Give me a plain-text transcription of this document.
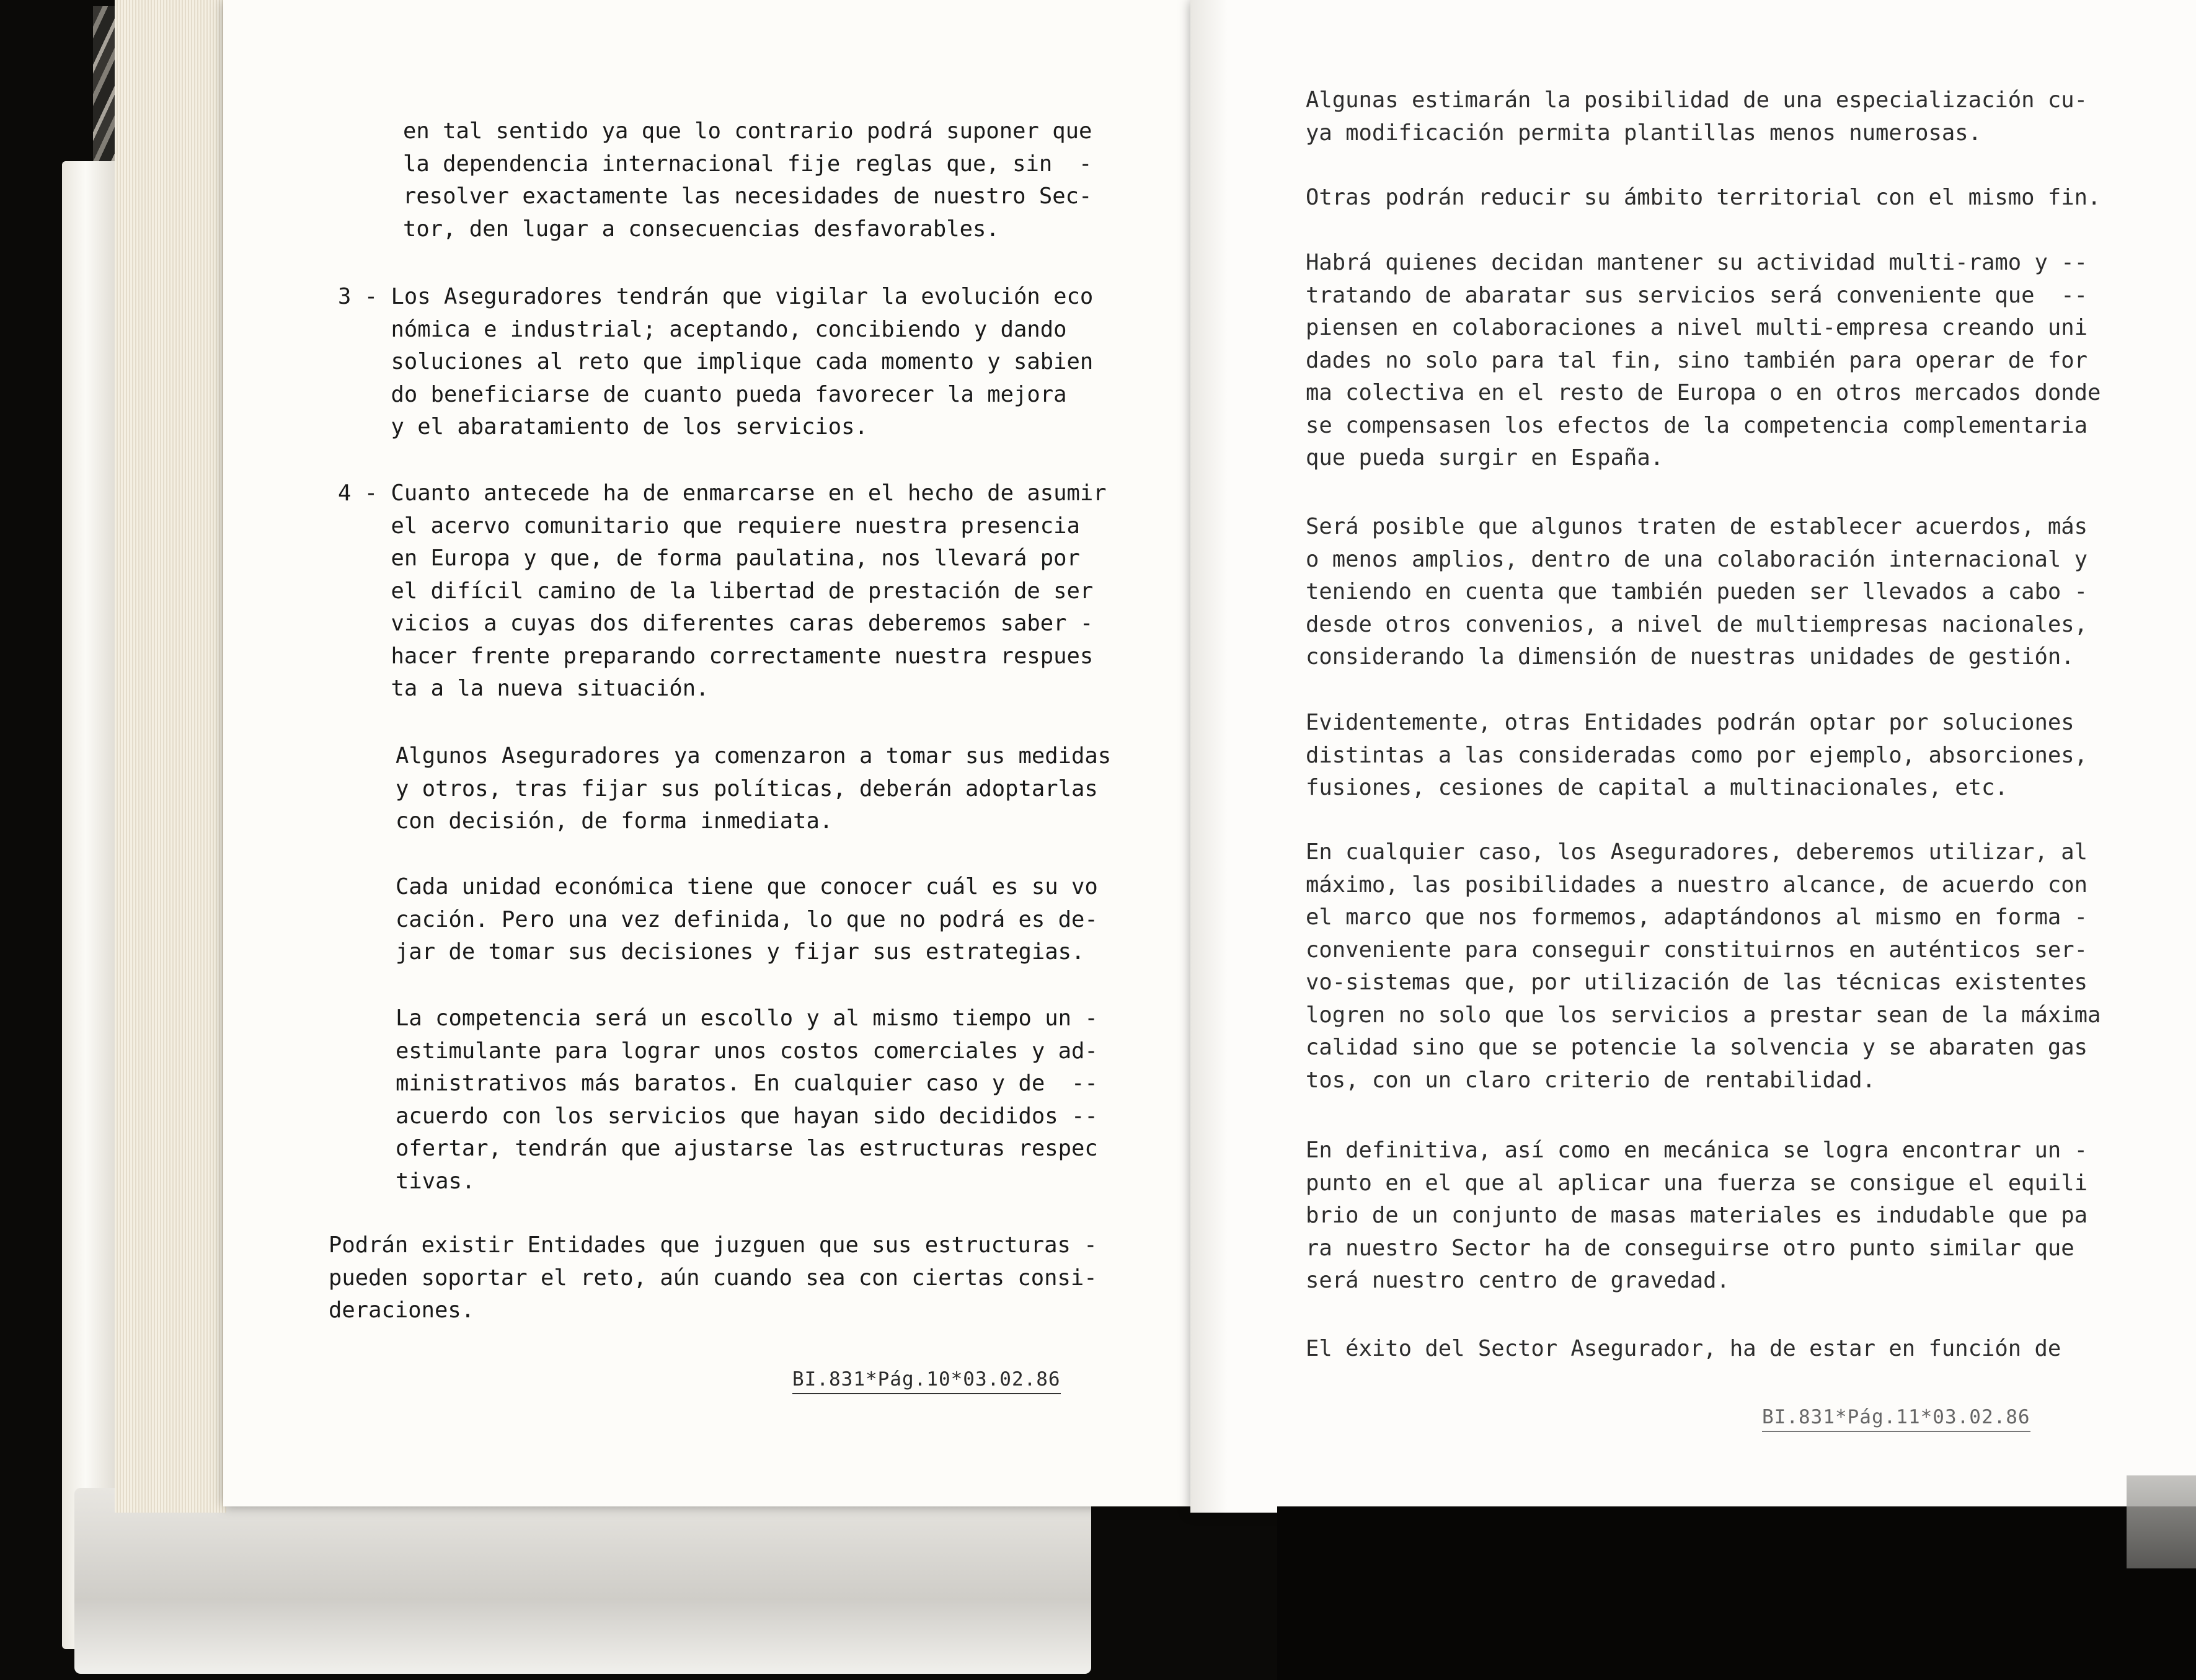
en tal sentido ya que lo contrario podrá suponer que
la dependencia internacional fije reglas que, sin  -
resolver exactamente las necesidades de nuestro Sec-
tor, den lugar a consecuencias desfavorables.
3 - Los Aseguradores tendrán que vigilar la evolución eco
nómica e industrial; aceptando, concibiendo y dando
soluciones al reto que implique cada momento y sabien
do beneficiarse de cuanto pueda favorecer la mejora
y el abaratamiento de los servicios.
4 - Cuanto antecede ha de enmarcarse en el hecho de asumir
el acervo comunitario que requiere nuestra presencia
en Europa y que, de forma paulatina, nos llevará por
el difícil camino de la libertad de prestación de ser
vicios a cuyas dos diferentes caras deberemos saber -
hacer frente preparando correctamente nuestra respues
ta a la nueva situación.
Algunos Aseguradores ya comenzaron a tomar sus medidas
y otros, tras fijar sus políticas, deberán adoptarlas
con decisión, de forma inmediata.
Cada unidad económica tiene que conocer cuál es su vo
cación. Pero una vez definida, lo que no podrá es de-
jar de tomar sus decisiones y fijar sus estrategias.
La competencia será un escollo y al mismo tiempo un -
estimulante para lograr unos costos comerciales y ad-
ministrativos más baratos. En cualquier caso y de  --
acuerdo con los servicios que hayan sido decididos --
ofertar, tendrán que ajustarse las estructuras respec
tivas.
Podrán existir Entidades que juzguen que sus estructuras -
pueden soportar el reto, aún cuando sea con ciertas consi-
deraciones.
BI.831*Pág.10*03.02.86
Algunas estimarán la posibilidad de una especialización cu-
ya modificación permita plantillas menos numerosas.
Otras podrán reducir su ámbito territorial con el mismo fin.
Habrá quienes decidan mantener su actividad multi-ramo y --
tratando de abaratar sus servicios será conveniente que  --
piensen en colaboraciones a nivel multi-empresa creando uni
dades no solo para tal fin, sino también para operar de for
ma colectiva en el resto de Europa o en otros mercados donde
se compensasen los efectos de la competencia complementaria
que pueda surgir en España.
Será posible que algunos traten de establecer acuerdos, más
o menos amplios, dentro de una colaboración internacional y
teniendo en cuenta que también pueden ser llevados a cabo -
desde otros convenios, a nivel de multiempresas nacionales,
considerando la dimensión de nuestras unidades de gestión.
Evidentemente, otras Entidades podrán optar por soluciones
distintas a las consideradas como por ejemplo, absorciones,
fusiones, cesiones de capital a multinacionales, etc.
En cualquier caso, los Aseguradores, deberemos utilizar, al
máximo, las posibilidades a nuestro alcance, de acuerdo con
el marco que nos formemos, adaptándonos al mismo en forma -
conveniente para conseguir constituirnos en auténticos ser-
vo-sistemas que, por utilización de las técnicas existentes
logren no solo que los servicios a prestar sean de la máxima
calidad sino que se potencie la solvencia y se abaraten gas
tos, con un claro criterio de rentabilidad.
En definitiva, así como en mecánica se logra encontrar un -
punto en el que al aplicar una fuerza se consigue el equili
brio de un conjunto de masas materiales es indudable que pa
ra nuestro Sector ha de conseguirse otro punto similar que
será nuestro centro de gravedad.
El éxito del Sector Asegurador, ha de estar en función de
BI.831*Pág.11*03.02.86
